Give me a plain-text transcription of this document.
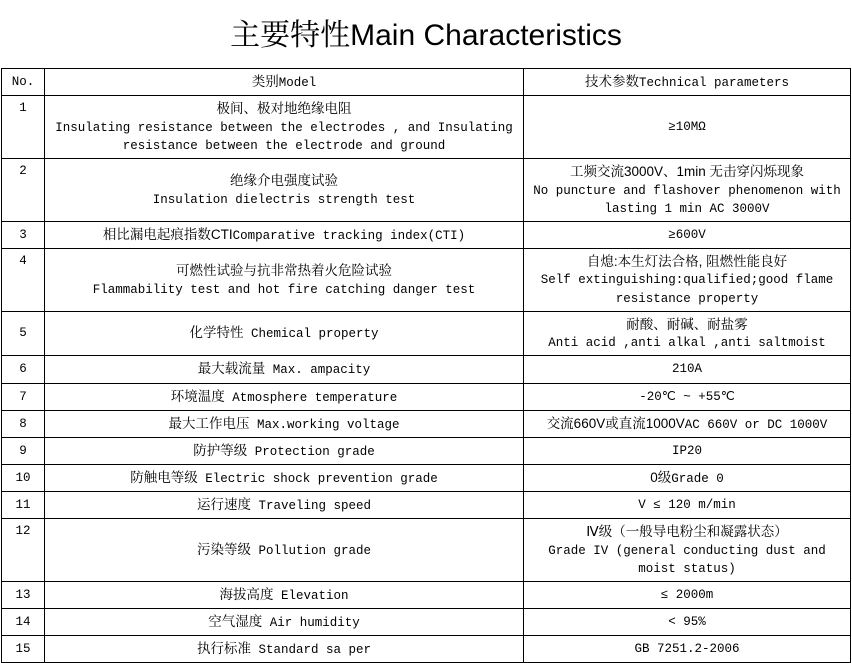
主要特性Main Characteristics
No.	类别Model	技术参数Technical parameters

1	极间、极对地绝缘电阻
Insulating resistance between the electrodes , and Insulating resistance between the electrode and ground	≥10MΩ

2	绝缘介电强度试验
Insulation dielectris strength test	工频交流3000V、1min 无击穿闪烁现象
No puncture and flashover phenomenon with lasting 1 min AC 3000V

3	相比漏电起痕指数CTIComparative tracking index(CTI)	≥600V

4	可燃性试验与抗非常热着火危险试验
Flammability test and hot fire catching danger test	自熄:本生灯法合格, 阻燃性能良好
Self extinguishing:qualified;good flame resistance property

5	化学特性 Chemical property	耐酸、耐碱、耐盐雾
Anti acid ,anti alkal ,anti saltmoist

6	最大载流量 Max. ampacity	210A

7	环境温度 Atmosphere temperature	-20℃ ~ +55℃

8	最大工作电压 Max.working voltage	交流660V或直流1000VAC 660V or DC 1000V

9	防护等级 Protection grade	IP20

10	防触电等级 Electric shock prevention grade	0级Grade 0

11	运行速度 Traveling speed	V ≤ 120 m/min

12	污染等级 Pollution grade	Ⅳ级（一般导电粉尘和凝露状态）
Grade IV (general conducting dust and moist status)

13	海拔高度 Elevation	≤ 2000m

14	空气湿度 Air humidity	< 95%

15	执行标准 Standard sa per	GB 7251.2-2006
